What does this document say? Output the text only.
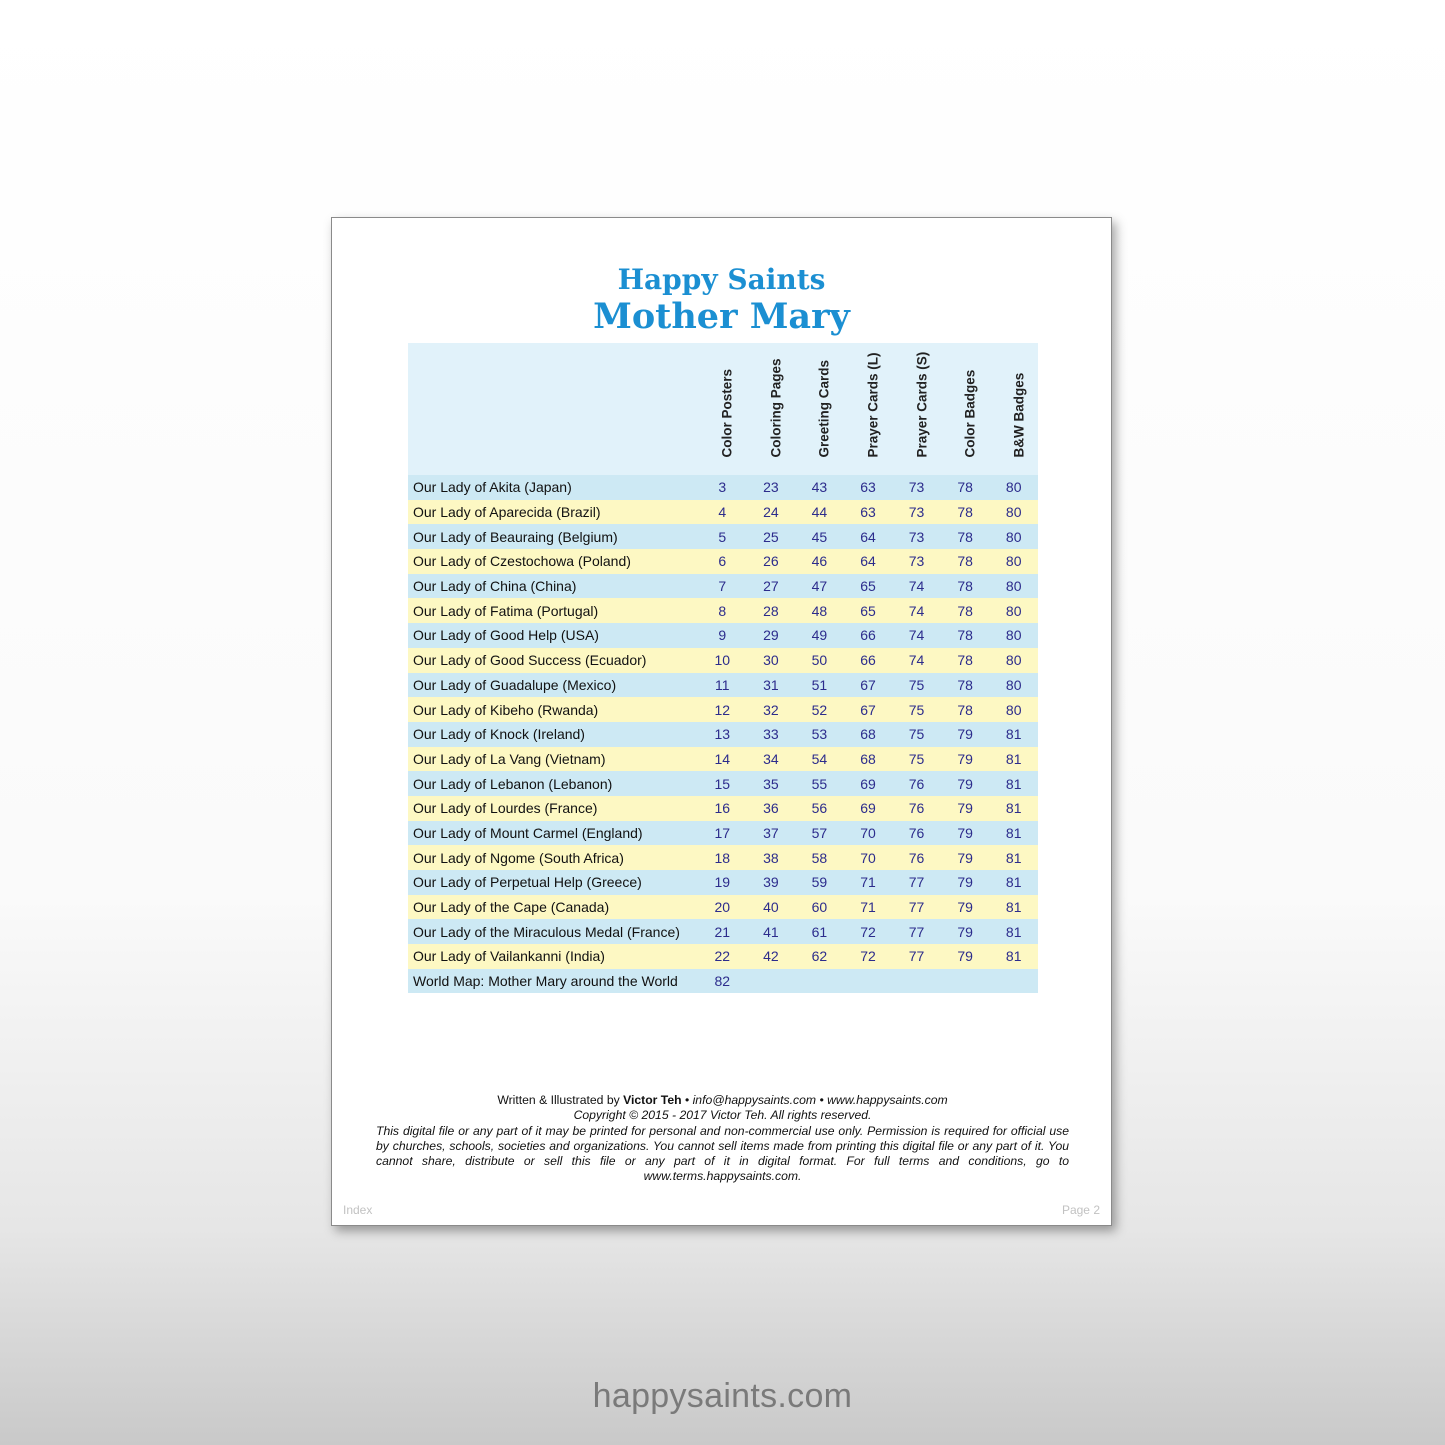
Happy Saints
Mother Mary

	Color Posters	Coloring Pages	Greeting Cards	Prayer Cards (L)	Prayer Cards (S)	Color Badges	B&W Badges

Our Lady of Akita (Japan)	3	23	43	63	73	78	80
Our Lady of Aparecida (Brazil)	4	24	44	63	73	78	80
Our Lady of Beauraing (Belgium)	5	25	45	64	73	78	80
Our Lady of Czestochowa (Poland)	6	26	46	64	73	78	80
Our Lady of China (China)	7	27	47	65	74	78	80
Our Lady of Fatima (Portugal)	8	28	48	65	74	78	80
Our Lady of Good Help (USA)	9	29	49	66	74	78	80
Our Lady of Good Success (Ecuador)	10	30	50	66	74	78	80
Our Lady of Guadalupe (Mexico)	11	31	51	67	75	78	80
Our Lady of Kibeho (Rwanda)	12	32	52	67	75	78	80
Our Lady of Knock (Ireland)	13	33	53	68	75	79	81
Our Lady of La Vang (Vietnam)	14	34	54	68	75	79	81
Our Lady of Lebanon (Lebanon)	15	35	55	69	76	79	81
Our Lady of Lourdes (France)	16	36	56	69	76	79	81
Our Lady of Mount Carmel (England)	17	37	57	70	76	79	81
Our Lady of Ngome (South Africa)	18	38	58	70	76	79	81
Our Lady of Perpetual Help (Greece)	19	39	59	71	77	79	81
Our Lady of the Cape (Canada)	20	40	60	71	77	79	81
Our Lady of the Miraculous Medal (France)	21	41	61	72	77	79	81
Our Lady of Vailankanni (India)	22	42	62	72	77	79	81
World Map: Mother Mary around the World	82						
Written & Illustrated by Victor Teh • info@happysaints.com • www.happysaints.com
Copyright © 2015 - 2017 Victor Teh. All rights reserved.
This digital file or any part of it may be printed for personal and non-commercial use only. Permission is required for official use by churches, schools, societies and organizations. You cannot sell items made from printing this digital file or any part of it. You cannot share, distribute or sell this file or any part of it in digital format. For full terms and conditions, go to www.terms.happysaints.com.
Index	Page 2
happysaints.com
